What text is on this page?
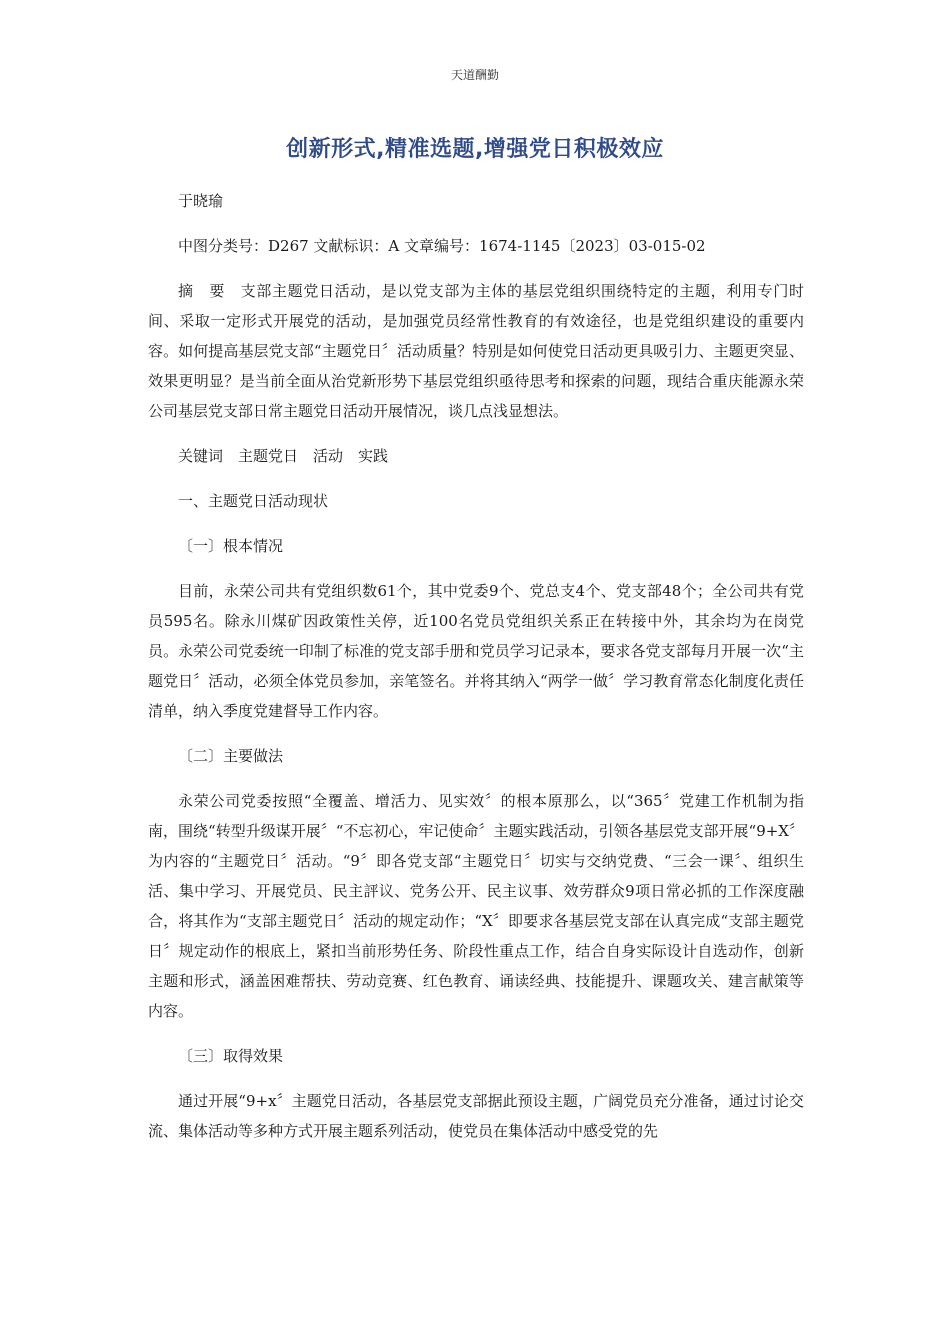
天道酬勤
创新形式,精准选题,增强党日积极效应

于晓瑜

中图分类号：D267 文献标识：A 文章编号：1674-1145〔2023〕03-015-02

摘　要　支部主题党日活动，是以党支部为主体的基层党组织围绕特定的主题，利用专门时间、采取一定形式开展党的活动，是加强党员经常性教育的有效途径，也是党组织建设的重要内容。如何提高基层党支部“主题党日〞活动质量？特别是如何使党日活动更具吸引力、主题更突显、效果更明显？是当前全面从治党新形势下基层党组织亟待思考和探索的问题，现结合重庆能源永荣公司基层党支部日常主题党日活动开展情况，谈几点浅显想法。

关键词　主题党日　活动　实践

一、主题党日活动现状

〔一〕根本情况

目前，永荣公司共有党组织数61个，其中党委9个、党总支4个、党支部48个；全公司共有党员595名。除永川煤矿因政策性关停，近100名党员党组织关系正在转接中外，其余均为在岗党员。永荣公司党委统一印制了标准的党支部手册和党员学习记录本，要求各党支部每月开展一次“主题党日〞活动，必须全体党员参加，亲笔签名。并将其纳入“两学一做〞学习教育常态化制度化责任清单，纳入季度党建督导工作内容。

〔二〕主要做法

永荣公司党委按照“全覆盖、增活力、见实效〞的根本原那么，以“365〞党建工作机制为指南，围绕“转型升级谋开展〞“不忘初心，牢记使命〞主题实践活动，引领各基层党支部开展“9+X〞为内容的“主题党日〞活动。“9〞即各党支部“主题党日〞切实与交纳党费、“三会一课〞、组织生活、集中学习、开展党员、民主評议、党务公开、民主议事、效劳群众9项日常必抓的工作深度融合，将其作为“支部主题党日〞活动的规定动作；“X〞即要求各基层党支部在认真完成“支部主题党日〞规定动作的根底上，紧扣当前形势任务、阶段性重点工作，结合自身实际设计自选动作，创新主题和形式，涵盖困难帮扶、劳动竞赛、红色教育、诵读经典、技能提升、课题攻关、建言献策等内容。

〔三〕取得效果

通过开展“9+x〞主题党日活动，各基层党支部据此预设主题，广阔党员充分准备，通过讨论交流、集体活动等多种方式开展主题系列活动，使党员在集体活动中感受党的先
